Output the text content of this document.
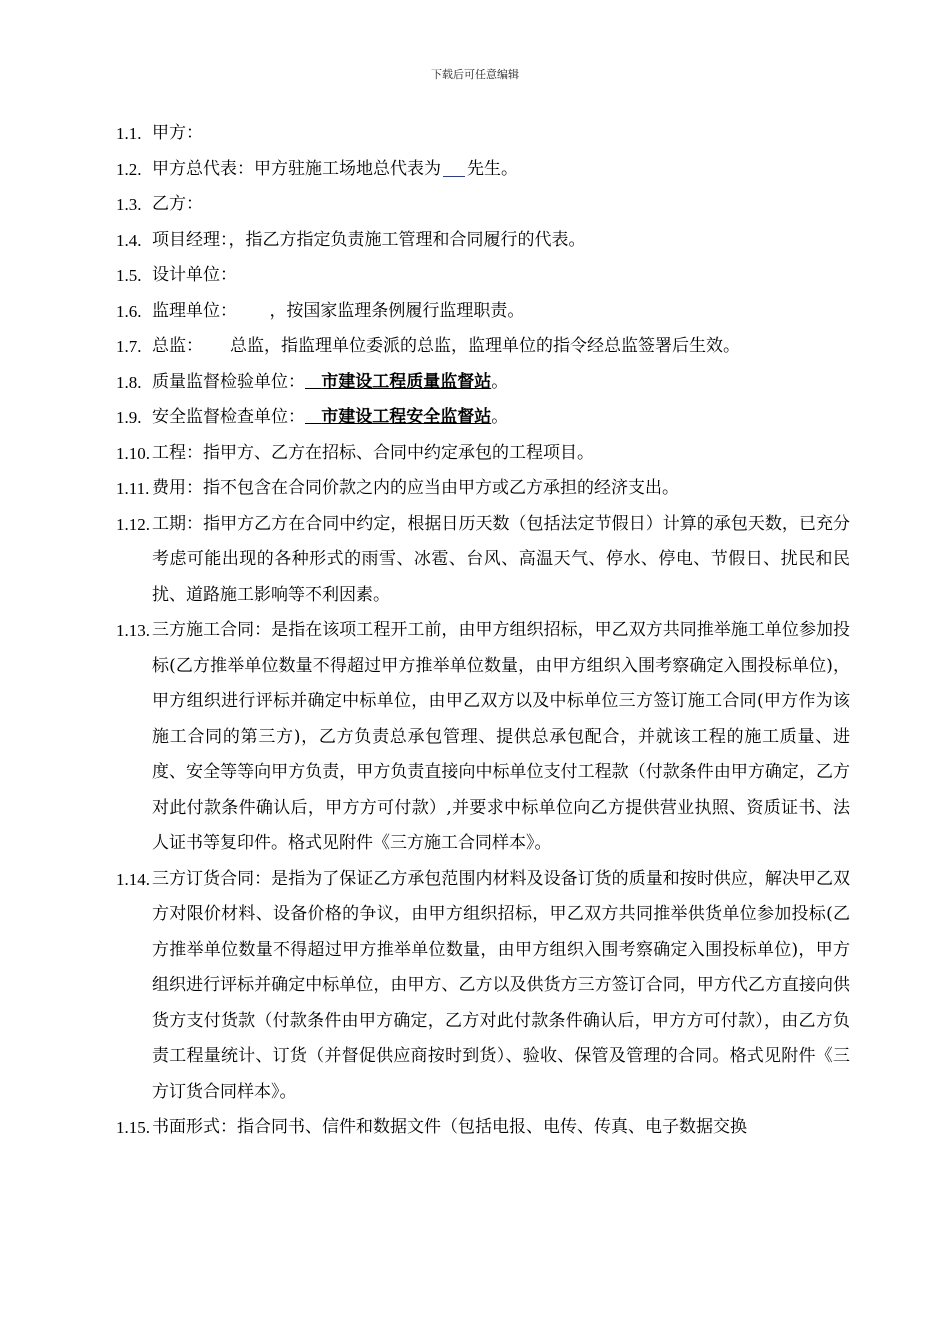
下载后可任意编辑
1.1. 甲方：
1.2. 甲方总代表：甲方驻施工场地总代表为 先生。
1.3. 乙方：
1.4. 项目经理：，指乙方指定负责施工管理和合同履行的代表。
1.5. 设计单位：
1.6. 监理单位： ，按国家监理条例履行监理职责。
1.7. 总监： 总监，指监理单位委派的总监，监理单位的指令经总监签署后生效。
1.8. 质量监督检验单位： 市建设工程质量监督站。
1.9. 安全监督检查单位： 市建设工程安全监督站。
1.10. 工程：指甲方、乙方在招标、合同中约定承包的工程项目。
1.11. 费用：指不包含在合同价款之内的应当由甲方或乙方承担的经济支出。
1.12. 工期：指甲方乙方在合同中约定，根据日历天数（包括法定节假日）计算的承包天数，已充分考虑可能出现的各种形式的雨雪、冰雹、台风、高温天气、停水、停电、节假日、扰民和民扰、道路施工影响等不利因素。
1.13. 三方施工合同：是指在该项工程开工前，由甲方组织招标，甲乙双方共同推举施工单位参加投标(乙方推举单位数量不得超过甲方推举单位数量，由甲方组织入围考察确定入围投标单位)，甲方组织进行评标并确定中标单位，由甲乙双方以及中标单位三方签订施工合同(甲方作为该施工合同的第三方)，乙方负责总承包管理、提供总承包配合，并就该工程的施工质量、进度、安全等等向甲方负责，甲方负责直接向中标单位支付工程款（付款条件由甲方确定，乙方对此付款条件确认后，甲方方可付款）,并要求中标单位向乙方提供营业执照、资质证书、法人证书等复印件。格式见附件《三方施工合同样本》。
1.14. 三方订货合同：是指为了保证乙方承包范围内材料及设备订货的质量和按时供应，解决甲乙双方对限价材料、设备价格的争议，由甲方组织招标，甲乙双方共同推举供货单位参加投标(乙方推举单位数量不得超过甲方推举单位数量，由甲方组织入围考察确定入围投标单位)，甲方组织进行评标并确定中标单位，由甲方、乙方以及供货方三方签订合同，甲方代乙方直接向供货方支付货款（付款条件由甲方确定，乙方对此付款条件确认后，甲方方可付款），由乙方负责工程量统计、订货（并督促供应商按时到货）、验收、保管及管理的合同。格式见附件《三方订货合同样本》。
1.15. 书面形式：指合同书、信件和数据文件（包括电报、电传、传真、电子数据交换
